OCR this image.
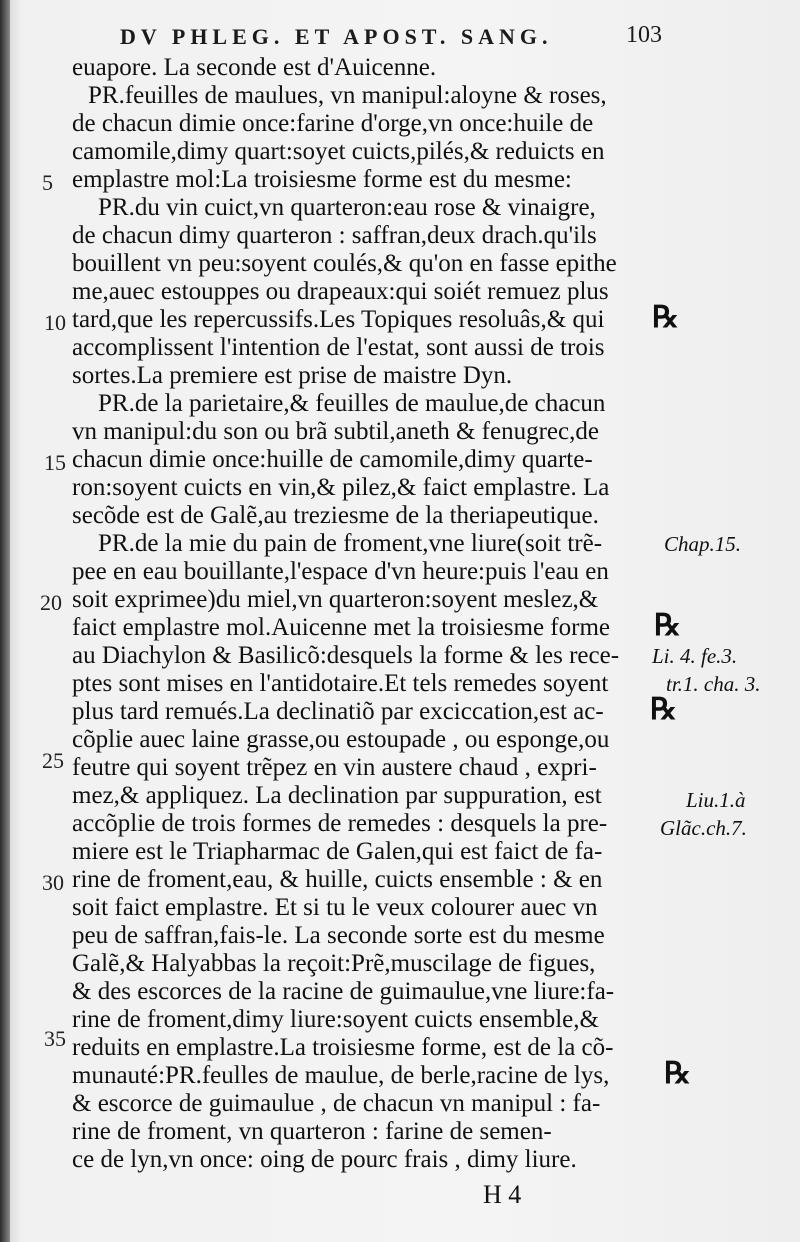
DV PHLEG. ET APOST. SANG.	103
euapore. La seconde est d'Auicenne.
PR.feuilles de maulues, vn manipul:aloyne & roses,
de chacun dimie once:farine d'orge,vn once:huile de
camomile,dimy quart:soyet cuicts,pilés,& reduicts en
emplastre mol:La troisiesme forme est du mesme:
PR.du vin cuict,vn quarteron:eau rose & vinaigre,
de chacun dimy quarteron : saffran,deux drach.qu'ils
bouillent vn peu:soyent coulés,& qu'on en fasse epithe
me,auec estouppes ou drapeaux:qui soiét remuez plus
tard,que les repercussifs.Les Topiques resoluâs,& qui
accomplissent l'intention de l'estat, sont aussi de trois
sortes.La premiere est prise de maistre Dyn.
PR.de la parietaire,& feuilles de maulue,de chacun
vn manipul:du son ou brã subtil,aneth & fenugrec,de
chacun dimie once:huille de camomile,dimy quarte-
ron:soyent cuicts en vin,& pilez,& faict emplastre. La
secõde est de Galẽ,au treziesme de la theriapeutique.
PR.de la mie du pain de froment,vne liure(soit trẽ-
pee en eau bouillante,l'espace d'vn heure:puis l'eau en
soit exprimee)du miel,vn quarteron:soyent meslez,&
faict emplastre mol.Auicenne met la troisiesme forme
au Diachylon & Basilicõ:desquels la forme & les rece-
ptes sont mises en l'antidotaire.Et tels remedes soyent
plus tard remués.La declinatiõ par exciccation,est ac-
cõplie auec laine grasse,ou estoupade , ou esponge,ou
feutre qui soyent trẽpez en vin austere chaud , expri-
mez,& appliquez. La declination par suppuration, est
accõplie de trois formes de remedes : desquels la pre-
miere est le Triapharmac de Galen,qui est faict de fa-
rine de froment,eau, & huille, cuicts ensemble : & en
soit faict emplastre. Et si tu le veux colourer auec vn
peu de saffran,fais-le. La seconde sorte est du mesme
Galẽ,& Halyabbas la reçoit:Prẽ,muscilage de figues,
& des escorces de la racine de guimaulue,vne liure:fa-
rine de froment,dimy liure:soyent cuicts ensemble,&
reduits en emplastre.La troisiesme forme, est de la cõ-
munauté:PR.feulles de maulue, de berle,racine de lys,
& escorce de guimaulue , de chacun vn manipul : fa-
rine de froment, vn quarteron : farine de semen-
ce de lyn,vn once: oing de pourc frais , dimy liure.
5
10
15
20
25
30
35
Chap.15.
Li. 4. fe.3.
tr.1. cha. 3.
Liu.1.à
Glãc.ch.7.
℞
℞
℞
℞
H 4
